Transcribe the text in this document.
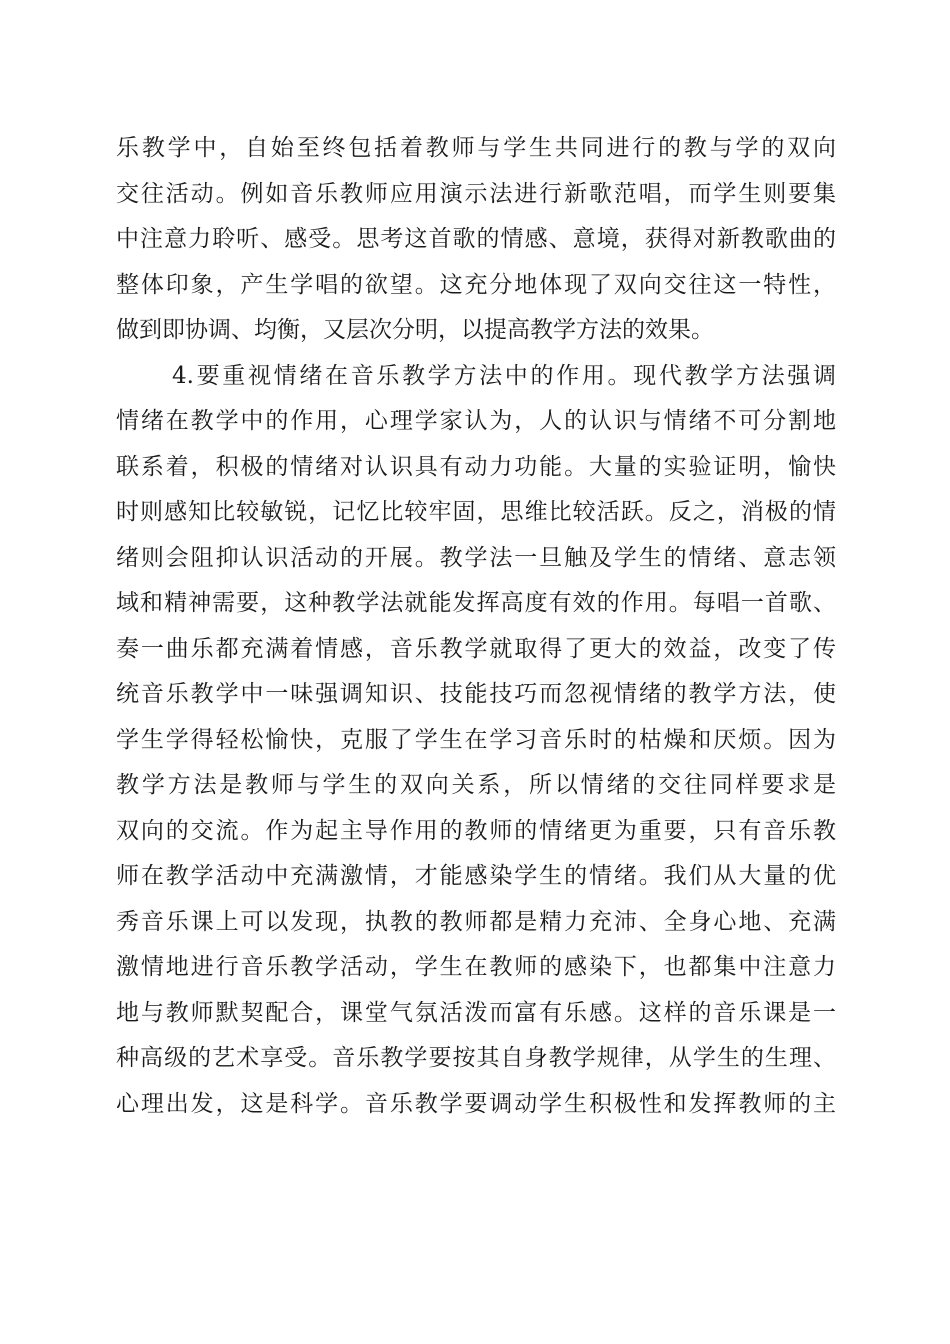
乐教学中，自始至终包括着教师与学生共同进行的教与学的双向
交往活动。例如音乐教师应用演示法进行新歌范唱，而学生则要集
中注意力聆听、感受。思考这首歌的情感、意境，获得对新教歌曲的
整体印象，产生学唱的欲望。这充分地体现了双向交往这一特性，
做到即协调、均衡，又层次分明，以提高教学方法的效果。
4.要重视情绪在音乐教学方法中的作用。现代教学方法强调
情绪在教学中的作用，心理学家认为，人的认识与情绪不可分割地
联系着，积极的情绪对认识具有动力功能。大量的实验证明，愉快
时则感知比较敏锐，记忆比较牢固，思维比较活跃。反之，消极的情
绪则会阻抑认识活动的开展。教学法一旦触及学生的情绪、意志领
域和精神需要，这种教学法就能发挥高度有效的作用。每唱一首歌、
奏一曲乐都充满着情感，音乐教学就取得了更大的效益，改变了传
统音乐教学中一味强调知识、技能技巧而忽视情绪的教学方法，使
学生学得轻松愉快，克服了学生在学习音乐时的枯燥和厌烦。因为
教学方法是教师与学生的双向关系，所以情绪的交往同样要求是
双向的交流。作为起主导作用的教师的情绪更为重要，只有音乐教
师在教学活动中充满激情，才能感染学生的情绪。我们从大量的优
秀音乐课上可以发现，执教的教师都是精力充沛、全身心地、充满
激情地进行音乐教学活动，学生在教师的感染下，也都集中注意力
地与教师默契配合，课堂气氛活泼而富有乐感。这样的音乐课是一
种高级的艺术享受。音乐教学要按其自身教学规律，从学生的生理、
心理出发，这是科学。音乐教学要调动学生积极性和发挥教师的主
